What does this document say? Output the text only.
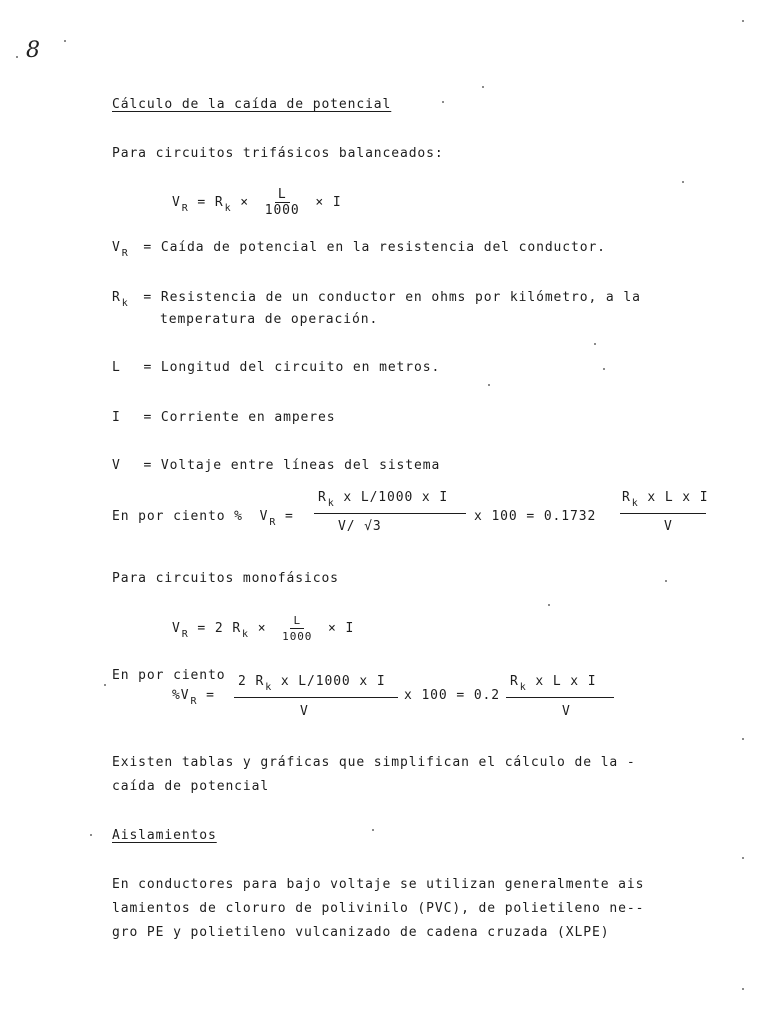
8
Cálculo de la caída de potencial
Para circuitos trifásicos balanceados:
$V_R = R_k \times \frac{L}{1000} \times I$
$V_R$ = Caída de potencial en la resistencia del conductor.
$R_k$ = Resistencia de un conductor en ohms por kilómetro, a la
temperatura de operación.
L = Longitud del circuito en metros.
I = Corriente en amperes
V = Voltaje entre líneas del sistema
En por ciento % $V_R$ =
$R_k$ x L/1000 x I
V/ √3
x 100 = 0.1732
$R_k$ x L x I
V
Para circuitos monofásicos
$V_R = 2$ $R_k \times \frac{L}{1000} \times I$
En por ciento
$\%V_R$ =
2 $R_k$ x L/1000 x I
V
x 100 = 0.2
$R_k$ x L x I
V
Existen tablas y gráficas que simplifican el cálculo de la -
caída de potencial
Aislamientos
En conductores para bajo voltaje se utilizan generalmente ais
lamientos de cloruro de polivinilo (PVC), de polietileno ne--
gro PE y polietileno vulcanizado de cadena cruzada (XLPE)
